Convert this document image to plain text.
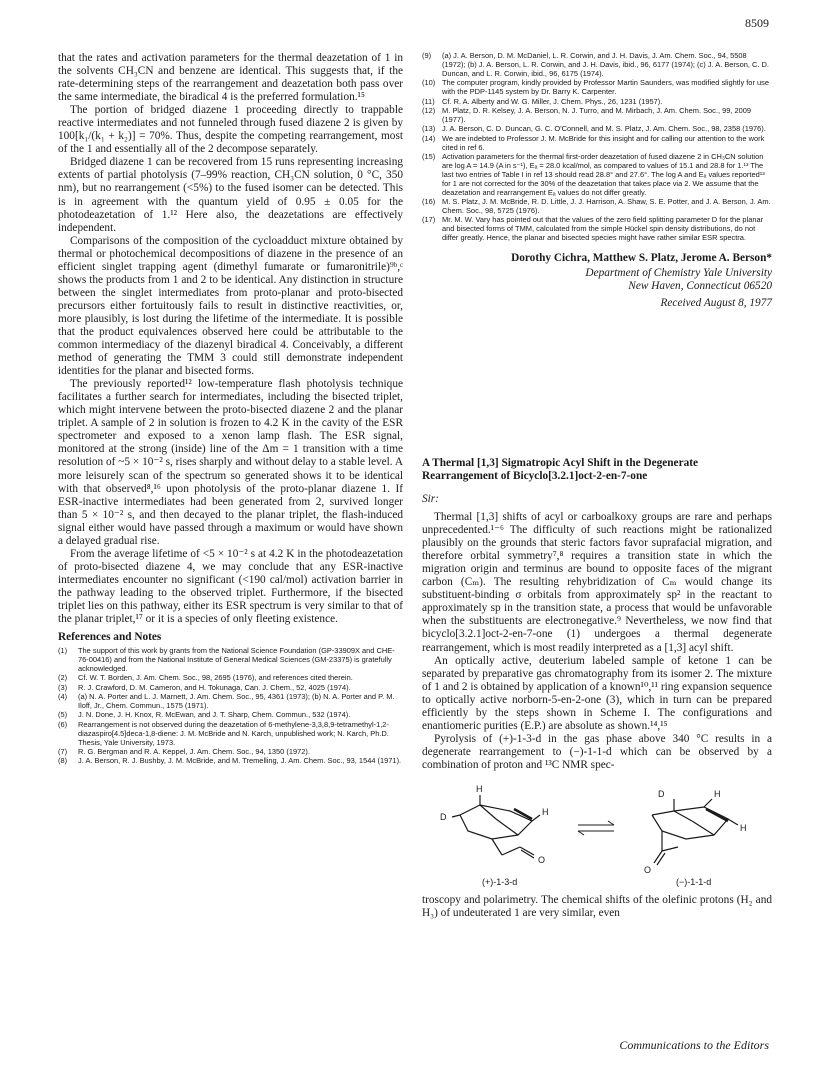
8509

that the rates and activation parameters for the thermal deazetation of 1 in the solvents CH₃CN and benzene are identical. This suggests that, if the rate-determining steps of the rearrangement and deazetation both pass over the same intermediate, the biradical 4 is the preferred formulation.¹⁵

The portion of bridged diazene 1 proceeding directly to trappable reactive intermediates and not funneled through fused diazene 2 is given by 100[k₁/(k₁ + k₂)] = 70%. Thus, despite the competing rearrangement, most of the 1 and essentially all of the 2 decompose separately.

Bridged diazene 1 can be recovered from 15 runs representing increasing extents of partial photolysis (7–99% reaction, CH₃CN solution, 0 °C, 350 nm), but no rearrangement (<5%) to the fused isomer can be detected. This is in agreement with the quantum yield of 0.95 ± 0.05 for the photodeazetation of 1.¹² Here also, the deazetations are effectively independent.

Comparisons of the composition of the cycloadduct mixture obtained by thermal or photochemical decompositions of diazene in the presence of an efficient singlet trapping agent (dimethyl fumarate or fumaronitrile)⁹ᵇ,ᶜ shows the products from 1 and 2 to be identical. Any distinction in structure between the singlet intermediates from proto-planar and proto-bisected precursors either fortuitously fails to result in distinctive reactivities, or, more plausibly, is lost during the lifetime of the intermediate. It is possible that the product equivalences observed here could be attributable to the common intermediacy of the diazenyl biradical 4. Conceivably, a different method of generating the TMM 3 could still demonstrate independent identities for the planar and bisected forms.

The previously reported¹² low-temperature flash photolysis technique facilitates a further search for intermediates, including the bisected triplet, which might intervene between the proto-bisected diazene 2 and the planar triplet. A sample of 2 in solution is frozen to 4.2 K in the cavity of the ESR spectrometer and exposed to a xenon lamp flash. The ESR signal, monitored at the strong (inside) line of the Δm = 1 transition with a time resolution of ~5 × 10⁻² s, rises sharply and without delay to a stable level. A more leisurely scan of the spectrum so generated shows it to be identical with that observed⁸,¹⁶ upon photolysis of the proto-planar diazene 1. If ESR-inactive intermediates had been generated from 2, survived longer than 5 × 10⁻² s, and then decayed to the planar triplet, the flash-induced signal either would have passed through a maximum or would have shown a delayed gradual rise.

From the average lifetime of <5 × 10⁻² s at 4.2 K in the photodeazetation of proto-bisected diazene 4, we may conclude that any ESR-inactive intermediates encounter no significant (<190 cal/mol) activation barrier in the pathway leading to the observed triplet. Furthermore, if the bisected triplet lies on this pathway, either its ESR spectrum is very similar to that of the planar triplet,¹⁷ or it is a species of only fleeting existence.

References and Notes
(1)	The support of this work by grants from the National Science Foundation (GP-33909X and CHE-76-00416) and from the National Institute of General Medical Sciences (GM-23375) is gratefully acknowledged.
(2)	Cf. W. T. Borden, J. Am. Chem. Soc., 98, 2695 (1976), and references cited therein.
(3)	R. J. Crawford, D. M. Cameron, and H. Tokunaga, Can. J. Chem., 52, 4025 (1974).
(4)	(a) N. A. Porter and L. J. Marnett, J. Am. Chem. Soc., 95, 4361 (1973); (b) N. A. Porter and P. M. Iloff, Jr., Chem. Commun., 1575 (1971).
(5)	J. N. Done, J. H. Knox, R. McEwan, and J. T. Sharp, Chem. Commun., 532 (1974).
(6)	Rearrangement is not observed during the deazetation of 6-methylene-3,3,8,9-tetramethyl-1,2-diazaspiro[4.5]deca-1,8-diene: J. M. McBride and N. Karch, unpublished work; N. Karch, Ph.D. Thesis, Yale University, 1973.
(7)	R. G. Bergman and R. A. Keppel, J. Am. Chem. Soc., 94, 1350 (1972).
(8)	J. A. Berson, R. J. Bushby, J. M. McBride, and M. Tremelling, J. Am. Chem. Soc., 93, 1544 (1971).
(9)	(a) J. A. Berson, D. M. McDaniel, L. R. Corwin, and J. H. Davis, J. Am. Chem. Soc., 94, 5508 (1972); (b) J. A. Berson, L. R. Corwin, and J. H. Davis, ibid., 96, 6177 (1974); (c) J. A. Berson, C. D. Duncan, and L. R. Corwin, ibid., 96, 6175 (1974).
(10) The computer program, kindly provided by Professor Martin Saunders, was modified slightly for use with the PDP-1145 system by Dr. Barry K. Carpenter.
(11) Cf. R. A. Alberty and W. G. Miller, J. Chem. Phys., 26, 1231 (1957).
(12) M. Platz, D. R. Kelsey, J. A. Berson, N. J. Turro, and M. Mirbach, J. Am. Chem. Soc., 99, 2009 (1977).
(13) J. A. Berson, C. D. Duncan, G. C. O'Connell, and M. S. Platz, J. Am. Chem. Soc., 98, 2358 (1976).
(14) We are indebted to Professor J. M. McBride for this insight and for calling our attention to the work cited in ref 6.
(15) Activation parameters for the thermal first-order deazetation of fused diazene 2 in CH₃CN solution are log A = 14.9 (A in s⁻¹), Eₐ = 28.0 kcal/mol, as compared to values of 15.1 and 28.8 for 1.¹³ The last two entries of Table I in ref 13 should read 28.8° and 27.6°. The log A and Eₐ values reported¹³ for 1 are not corrected for the 30% of the deazetation that takes place via 2. We assume that the deazetation and rearrangement Eₐ values do not differ greatly.
(16) M. S. Platz, J. M. McBride, R. D. Little, J. J. Harrison, A. Shaw, S. E. Potter, and J. A. Berson, J. Am. Chem. Soc., 98, 5725 (1976).
(17) Mr. M. W. Vary has pointed out that the values of the zero field splitting parameter D for the planar and bisected forms of TMM, calculated from the simple Hückel spin density distributions, do not differ greatly. Hence, the planar and bisected species might have rather similar ESR spectra.
Dorothy Cichra, Matthew S. Platz, Jerome A. Berson*
Department of Chemistry Yale University
New Haven, Connecticut 06520
Received August 8, 1977
A Thermal [1,3] Sigmatropic Acyl Shift in the Degenerate Rearrangement of Bicyclo[3.2.1]oct-2-en-7-one
Sir:

Thermal [1,3] shifts of acyl or carboalkoxy groups are rare and perhaps unprecedented.¹⁻⁶ The difficulty of such reactions might be rationalized plausibly on the grounds that steric factors favor suprafacial migration, and therefore orbital symmetry⁷,⁸ requires a transition state in which the migration origin and terminus are bound to opposite faces of the migrant carbon (Cₘ). The resulting rehybridization of Cₘ would change its substituent-binding σ orbitals from approximately sp² in the reactant to approximately sp in the transition state, a process that would be unfavorable when the substituents are electronegative.⁹ Nevertheless, we now find that bicyclo[3.2.1]oct-2-en-7-one (1) undergoes a thermal degenerate rearrangement, which is most readily interpreted as a [1,3] acyl shift.

An optically active, deuterium labeled sample of ketone 1 can be separated by preparative gas chromatography from its isomer 2. The mixture of 1 and 2 is obtained by application of a known¹⁰,¹¹ ring expansion sequence to optically active norborn-5-en-2-one (3), which in turn can be prepared efficiently by the steps shown in Scheme I. The configurations and enantiomeric purities (E.P.) are absolute as shown.¹⁴,¹⁵

Pyrolysis of (+)-1-3-d in the gas phase above 340 °C results in a degenerate rearrangement to (−)-1-1-d which can be observed by a combination of proton and ¹³C NMR spec-

H
D	H
O
(+)-1-3-d
D	H
H
O
(−)-1-1-d

troscopy and polarimetry. The chemical shifts of the olefinic protons (H₂ and H₃) of undeuterated 1 are very similar, even

Communications to the Editors
